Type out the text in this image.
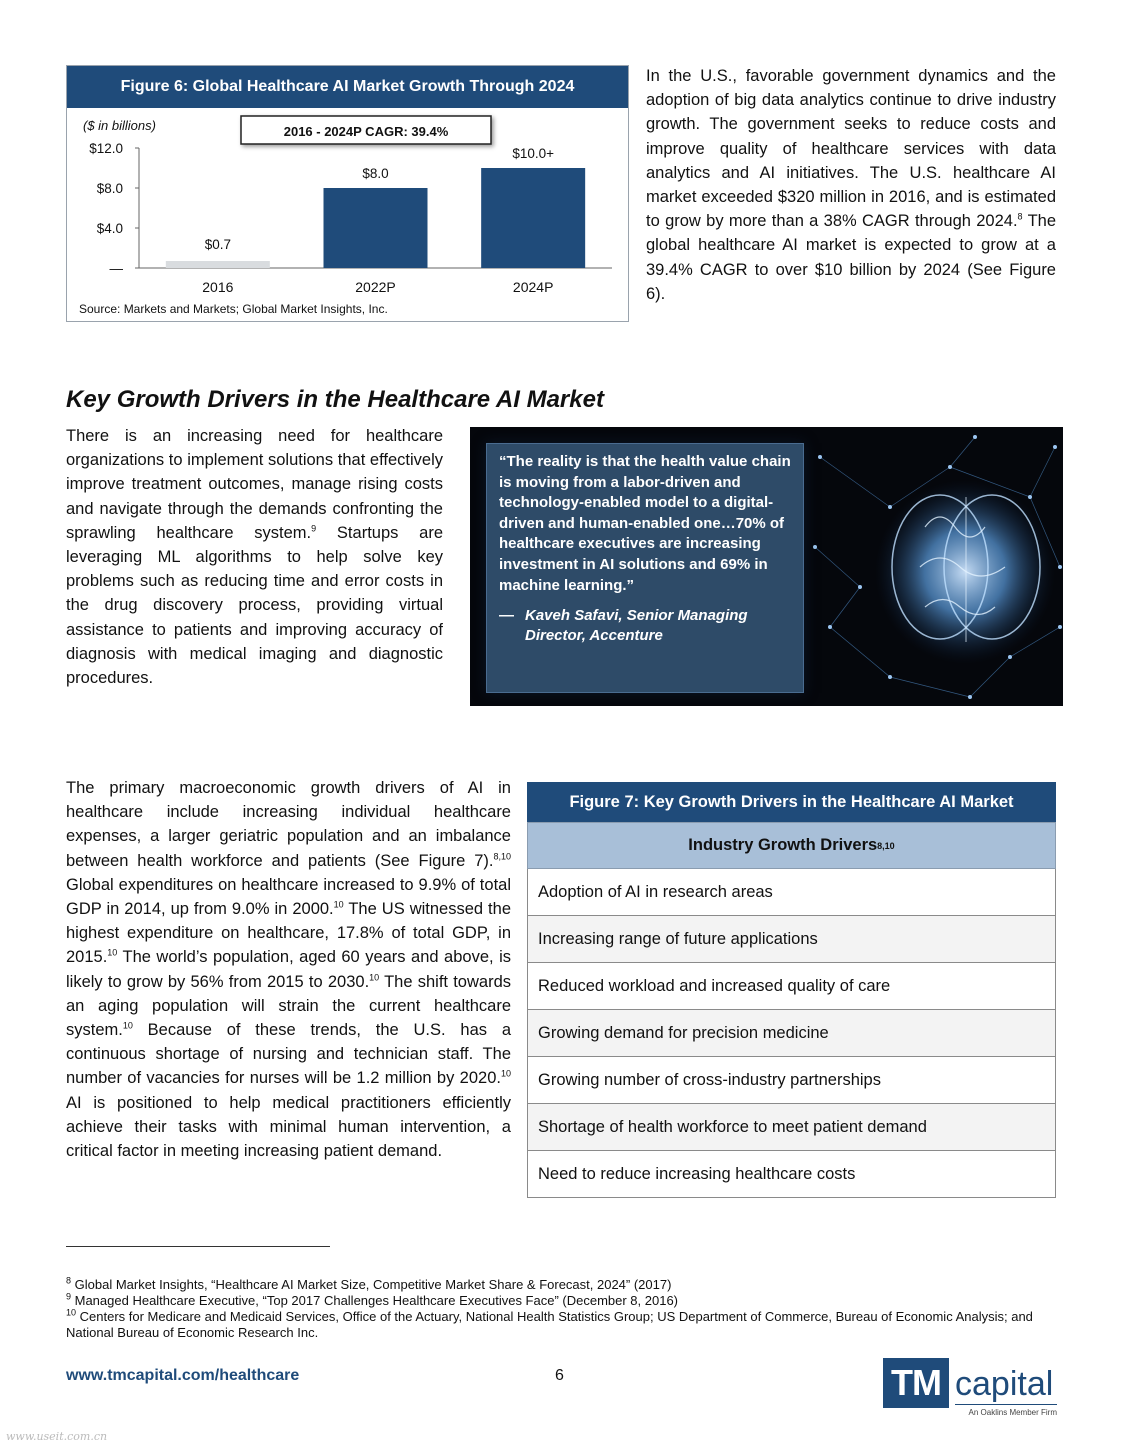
Figure 6: Global Healthcare AI Market Growth Through 2024
($ in billions)	2016 - 2024P CAGR: 39.4%
—
$4.0
$8.0
$12.0
$0.7
2016
$8.0
2022P
$10.0+
2024P
Source: Markets and Markets; Global Market Insights, Inc.

In the U.S., favorable government dynamics and the adoption of big data analytics continue to drive industry growth. The government seeks to reduce costs and improve quality of healthcare services with data analytics and AI initiatives. The U.S. healthcare AI market exceeded $320 million in 2016, and is estimated to grow by more than a 38% CAGR through 2024.$^8$ The global healthcare AI market is expected to grow at a 39.4% CAGR to over $10 billion by 2024 (See Figure 6).

Key Growth Drivers in the Healthcare AI Market

There is an increasing need for healthcare organizations to implement solutions that effectively improve treatment outcomes, manage rising costs and navigate through the demands confronting the sprawling healthcare system.$^9$ Startups are leveraging ML algorithms to help solve key problems such as reducing time and error costs in the drug discovery process, providing virtual assistance to patients and improving accuracy of diagnosis with medical imaging and diagnostic procedures.

“The reality is that the health value chain is moving from a labor-driven and technology-enabled model to a digital-driven and human-enabled one…70% of healthcare executives are increasing investment in AI solutions and 69% in machine learning.”
— Kaveh Safavi, Senior Managing Director, Accenture

The primary macroeconomic growth drivers of AI in healthcare include increasing individual healthcare expenses, a larger geriatric population and an imbalance between health workforce and patients (See Figure 7).$^{8,10}$ Global expenditures on healthcare increased to 9.9% of total GDP in 2014, up from 9.0% in 2000.10 The US witnessed the highest expenditure on healthcare, 17.8% of total GDP, in 2015.10 The world’s population, aged 60 years and above, is likely to grow by 56% from 2015 to 2030.10 The shift towards an aging population will strain the current healthcare system.$^{10}$ Because of these trends, the U.S. has a continuous shortage of nursing and technician staff. The number of vacancies for nurses will be 1.2 million by 2020.10 AI is positioned to help medical practitioners efficiently achieve their tasks with minimal human intervention, a critical factor in meeting increasing patient demand.

Figure 7: Key Growth Drivers in the Healthcare AI Market
Industry Growth Drivers 8,10
Adoption of AI in research areas
Increasing range of future applications
Reduced workload and increased quality of care
Growing demand for precision medicine
Growing number of cross-industry partnerships
Shortage of health workforce to meet patient demand
Need to reduce increasing healthcare costs

$^8$ Global Market Insights, “Healthcare AI Market Size, Competitive Market Share & Forecast, 2024” (2017)

$^9$ Managed Healthcare Executive, “Top 2017 Challenges Healthcare Executives Face” (December 8, 2016)

$^{10}$ Centers for Medicare and Medicaid Services, Office of the Actuary, National Health Statistics Group; US Department of Commerce, Bureau of Economic Analysis; and National Bureau of Economic Research Inc.

www.tmcapital.com/healthcare	6	TM capital
An Oaklins Member Firm
www.useit.com.cn
